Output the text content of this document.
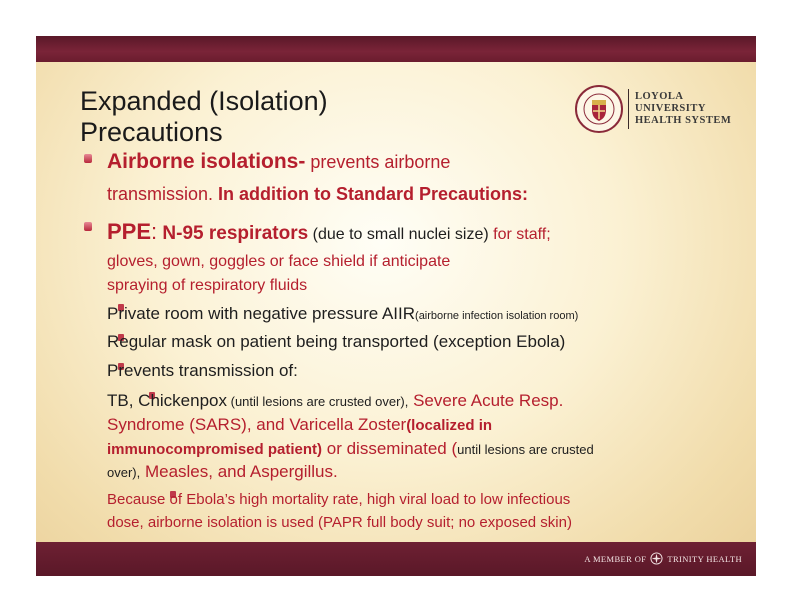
Expanded (Isolation)
Precautions
LOYOLA
UNIVERSITY
HEALTH SYSTEM
Airborne isolations- prevents airborne
transmission. In addition to Standard Precautions:
PPE: N-95 respirators (due to small nuclei size) for staff;
gloves, gown, goggles or face shield if anticipate
spraying of respiratory fluids
Private room with negative pressure AIIR(airborne infection isolation room)
Regular mask on patient being transported (exception Ebola)
Prevents transmission of:
TB, Chickenpox (until lesions are crusted over), Severe Acute Resp.
Syndrome (SARS), and Varicella Zoster(localized in
immunocompromised patient) or disseminated (until lesions are crusted
over), Measles, and Aspergillus.
Because of Ebola’s high mortality rate, high viral load to low infectious
dose, airborne isolation is used (PAPR full body suit; no exposed skin)
A MEMBER OF TRINITY HEALTH
